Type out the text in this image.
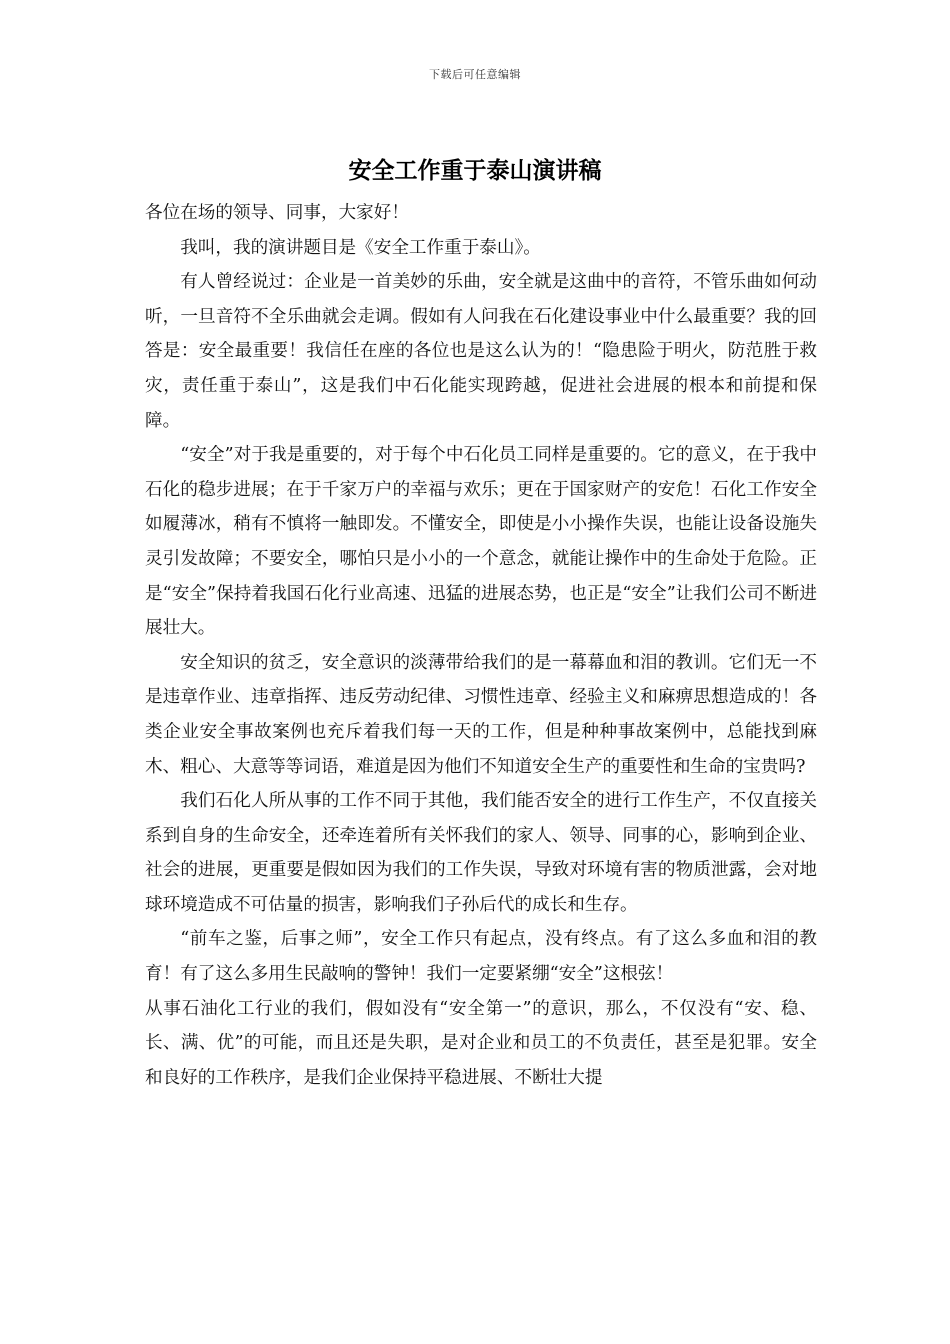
下载后可任意编辑
安全工作重于泰山演讲稿

各位在场的领导、同事，大家好！

我叫，我的演讲题目是《安全工作重于泰山》。

有人曾经说过：企业是一首美妙的乐曲，安全就是这曲中的音符，不管乐曲如何动听，一旦音符不全乐曲就会走调。假如有人问我在石化建设事业中什么最重要？我的回答是：安全最重要！我信任在座的各位也是这么认为的！“隐患险于明火，防范胜于救灾，责任重于泰山”，这是我们中石化能实现跨越，促进社会进展的根本和前提和保障。

“安全”对于我是重要的，对于每个中石化员工同样是重要的。它的意义，在于我中石化的稳步进展；在于千家万户的幸福与欢乐；更在于国家财产的安危！石化工作安全如履薄冰，稍有不慎将一触即发。不懂安全，即使是小小操作失误，也能让设备设施失灵引发故障；不要安全，哪怕只是小小的一个意念，就能让操作中的生命处于危险。正是“安全”保持着我国石化行业高速、迅猛的进展态势，也正是“安全”让我们公司不断进展壮大。

安全知识的贫乏，安全意识的淡薄带给我们的是一幕幕血和泪的教训。它们无一不是违章作业、违章指挥、违反劳动纪律、习惯性违章、经验主义和麻痹思想造成的！各类企业安全事故案例也充斥着我们每一天的工作，但是种种事故案例中，总能找到麻木、粗心、大意等等词语，难道是因为他们不知道安全生产的重要性和生命的宝贵吗?

我们石化人所从事的工作不同于其他，我们能否安全的进行工作生产，不仅直接关系到自身的生命安全，还牵连着所有关怀我们的家人、领导、同事的心，影响到企业、社会的进展，更重要是假如因为我们的工作失误，导致对环境有害的物质泄露，会对地球环境造成不可估量的损害，影响我们子孙后代的成长和生存。

“前车之鉴，后事之师”，安全工作只有起点，没有终点。有了这么多血和泪的教育！有了这么多用生民敲响的警钟！我们一定要紧绷“安全”这根弦！

从事石油化工行业的我们，假如没有“安全第一”的意识，那么，不仅没有“安、稳、长、满、优”的可能，而且还是失职，是对企业和员工的不负责任，甚至是犯罪。安全和良好的工作秩序，是我们企业保持平稳进展、不断壮大提
